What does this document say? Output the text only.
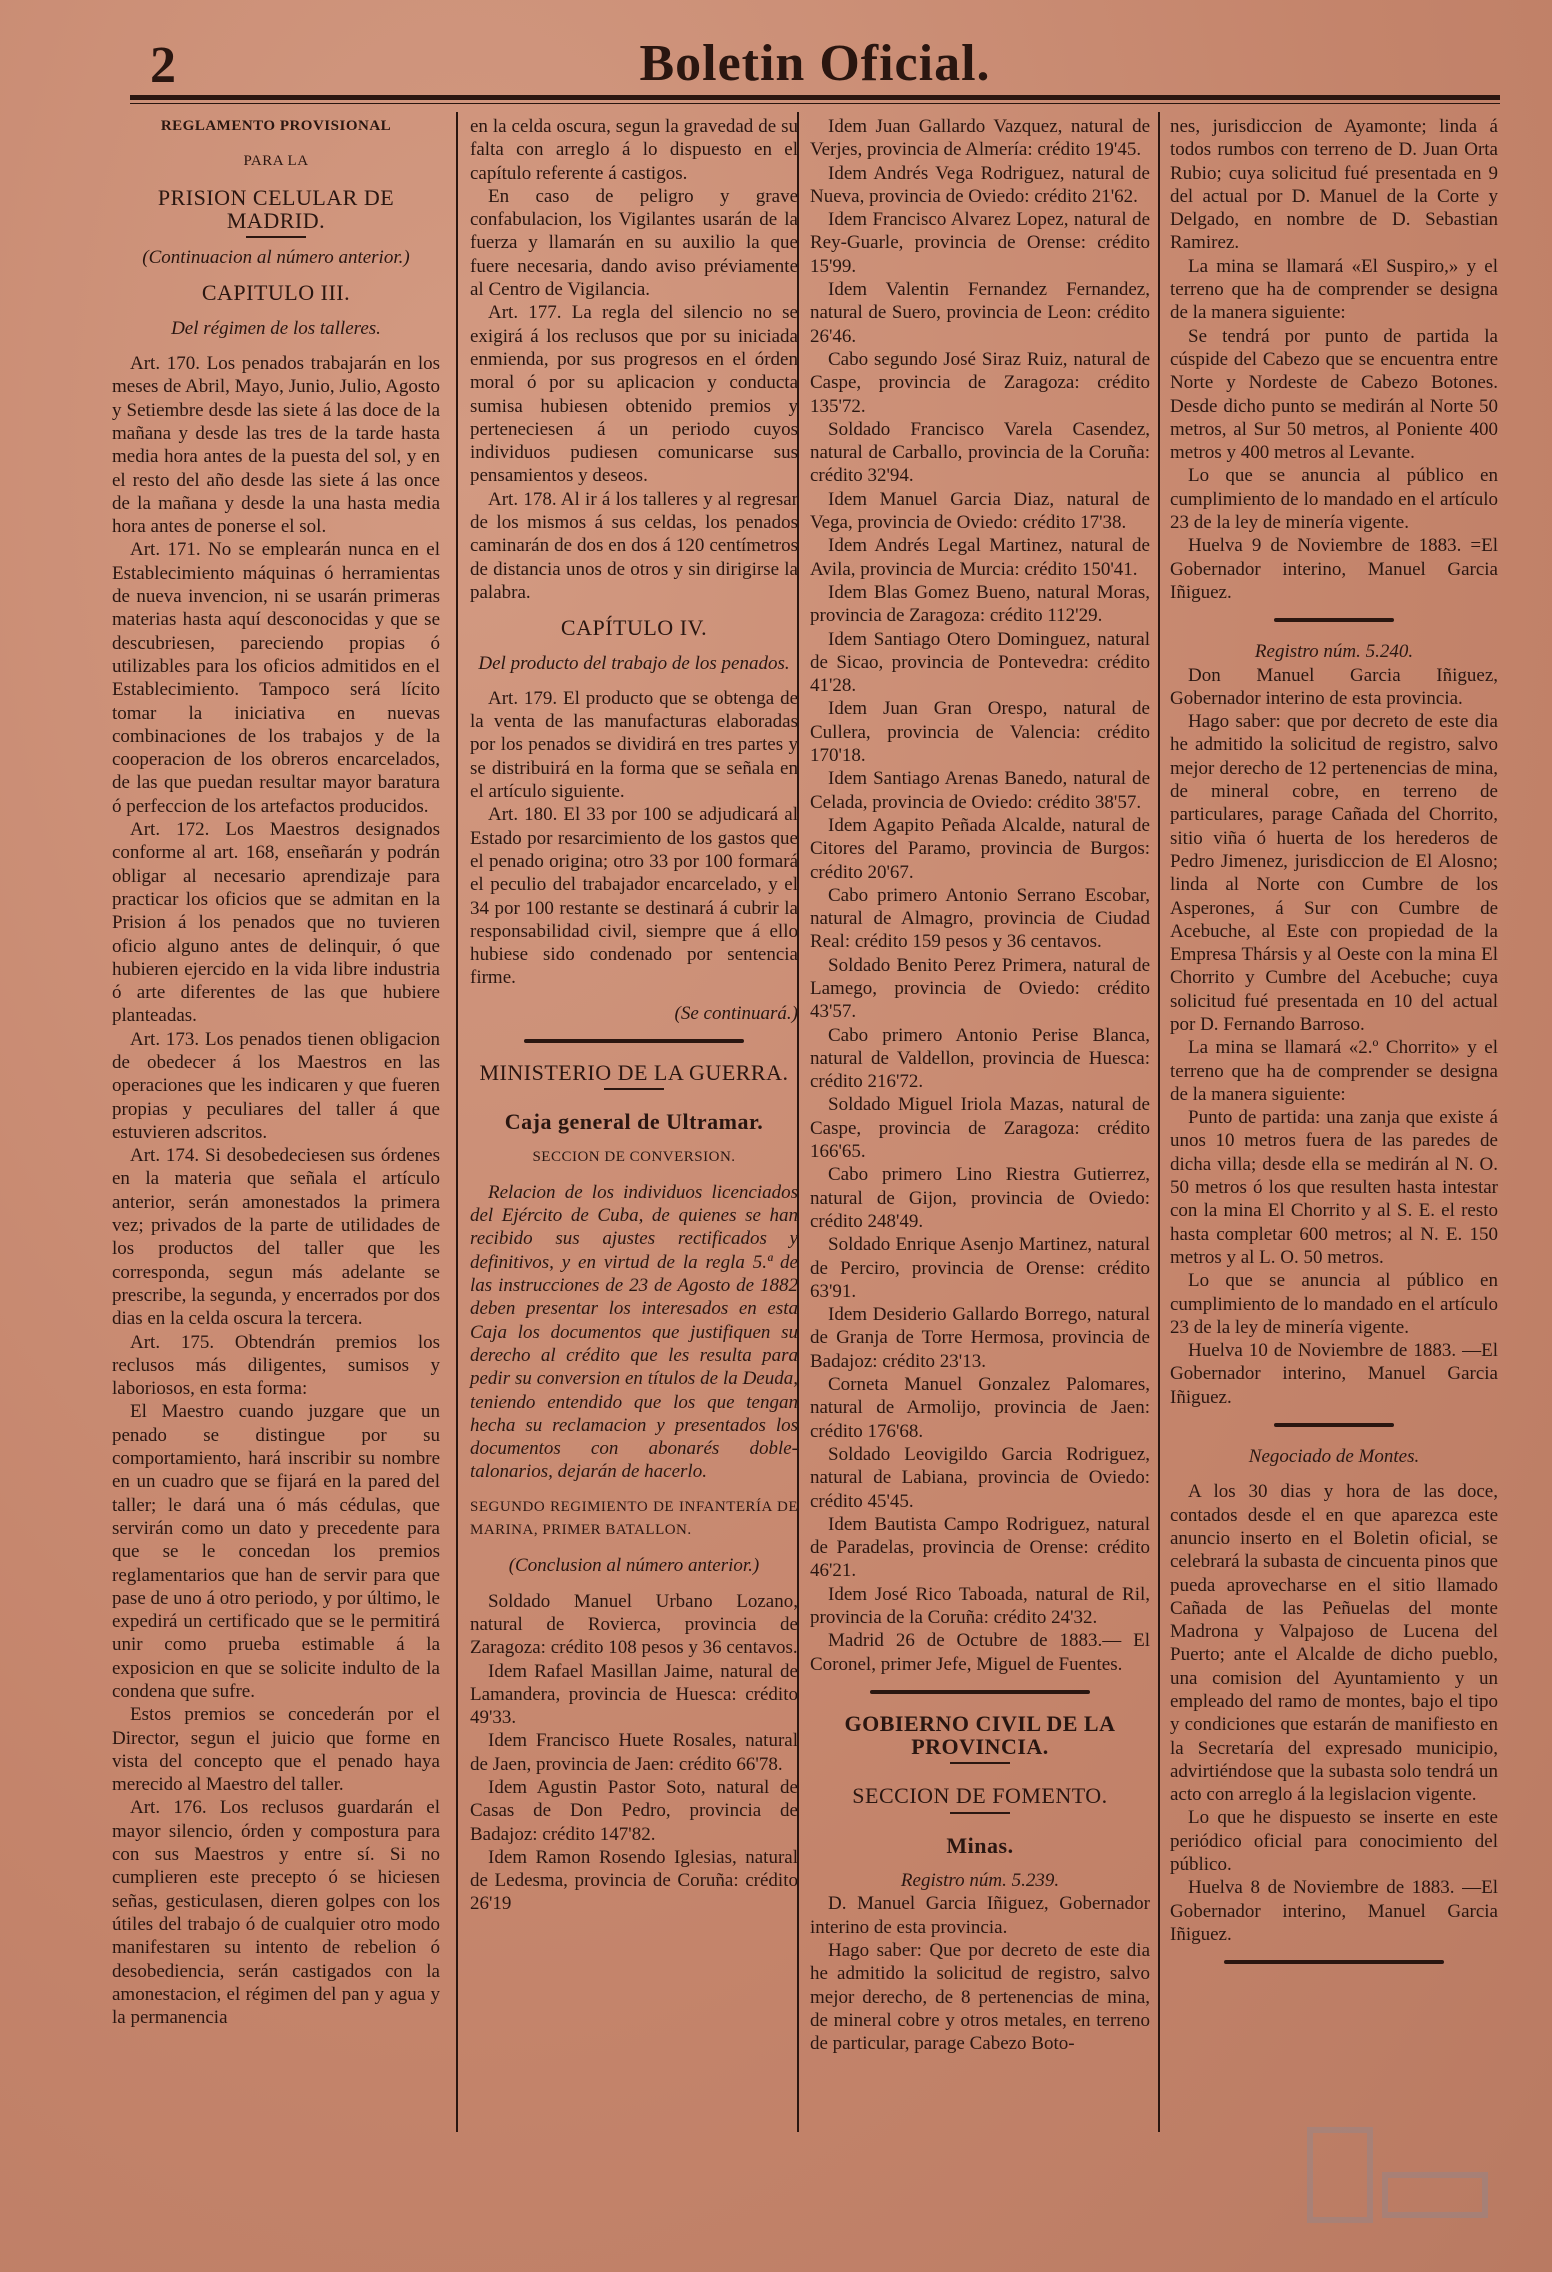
2	Boletin Oficial.

REGLAMENTO PROVISIONAL

PARA LA

PRISION CELULAR DE MADRID.

(Continuacion al número anterior.)

CAPITULO III.

Del régimen de los talleres.

Art. 170. Los penados trabajarán en los meses de Abril, Mayo, Junio, Julio, Agosto y Setiembre desde las siete á las doce de la mañana y desde las tres de la tarde hasta media hora antes de la puesta del sol, y en el resto del año desde las siete á las once de la mañana y desde la una hasta media hora antes de ponerse el sol.

Art. 171. No se emplearán nunca en el Establecimiento máquinas ó herramientas de nueva invencion, ni se usarán primeras materias hasta aquí desconocidas y que se descubriesen, pareciendo propias ó utilizables para los oficios admitidos en el Establecimiento. Tampoco será lícito tomar la iniciativa en nuevas combinaciones de los trabajos y de la cooperacion de los obreros encarcelados, de las que puedan resultar mayor baratura ó perfeccion de los artefactos producidos.

Art. 172. Los Maestros designados conforme al art. 168, enseñarán y podrán obligar al necesario aprendizaje para practicar los oficios que se admitan en la Prision á los penados que no tuvieren oficio alguno antes de delinquir, ó que hubieren ejercido en la vida libre industria ó arte diferentes de las que hubiere planteadas.

Art. 173. Los penados tienen obligacion de obedecer á los Maestros en las operaciones que les indicaren y que fueren propias y peculiares del taller á que estuvieren adscritos.

Art. 174. Si desobedeciesen sus órdenes en la materia que señala el artículo anterior, serán amonestados la primera vez; privados de la parte de utilidades de los productos del taller que les corresponda, segun más adelante se prescribe, la segunda, y encerrados por dos dias en la celda oscura la tercera.

Art. 175. Obtendrán premios los reclusos más diligentes, sumisos y laboriosos, en esta forma:

El Maestro cuando juzgare que un penado se distingue por su comportamiento, hará inscribir su nombre en un cuadro que se fijará en la pared del taller; le dará una ó más cédulas, que servirán como un dato y precedente para que se le concedan los premios reglamentarios que han de servir para que pase de uno á otro periodo, y por último, le expedirá un certificado que se le permitirá unir como prueba estimable á la exposicion en que se solicite indulto de la condena que sufre.

Estos premios se concederán por el Director, segun el juicio que forme en vista del concepto que el penado haya merecido al Maestro del taller.

Art. 176. Los reclusos guardarán el mayor silencio, órden y compostura para con sus Maestros y entre sí. Si no cumplieren este precepto ó se hiciesen señas, gesticulasen, dieren golpes con los útiles del trabajo ó de cualquier otro modo manifestaren su intento de rebelion ó desobediencia, serán castigados con la amonestacion, el régimen del pan y agua y la permanencia

en la celda oscura, segun la gravedad de su falta con arreglo á lo dispuesto en el capítulo referente á castigos.

En caso de peligro y grave confabulacion, los Vigilantes usarán de la fuerza y llamarán en su auxilio la que fuere necesaria, dando aviso préviamente al Centro de Vigilancia.

Art. 177. La regla del silencio no se exigirá á los reclusos que por su iniciada enmienda, por sus progresos en el órden moral ó por su aplicacion y conducta sumisa hubiesen obtenido premios y perteneciesen á un periodo cuyos individuos pudiesen comunicarse sus pensamientos y deseos.

Art. 178. Al ir á los talleres y al regresar de los mismos á sus celdas, los penados caminarán de dos en dos á 120 centímetros de distancia unos de otros y sin dirigirse la palabra.

CAPÍTULO IV.

Del producto del trabajo de los penados.

Art. 179. El producto que se obtenga de la venta de las manufacturas elaboradas por los penados se dividirá en tres partes y se distribuirá en la forma que se señala en el artículo siguiente.

Art. 180. El 33 por 100 se adjudicará al Estado por resarcimiento de los gastos que el penado origina; otro 33 por 100 formará el peculio del trabajador encarcelado, y el 34 por 100 restante se destinará á cubrir la responsabilidad civil, siempre que á ello hubiese sido condenado por sentencia firme.

(Se continuará.)

MINISTERIO DE LA GUERRA.

Caja general de Ultramar.

SECCION DE CONVERSION.

Relacion de los individuos licenciados del Ejército de Cuba, de quienes se han recibido sus ajustes rectificados y definitivos, y en virtud de la regla 5.ª de las instrucciones de 23 de Agosto de 1882 deben presentar los interesados en esta Caja los documentos que justifiquen su derecho al crédito que les resulta para pedir su conversion en títulos de la Deuda, teniendo entendido que los que tengan hecha su reclamacion y presentados los documentos con abonarés doble-talonarios, dejarán de hacerlo.

SEGUNDO REGIMIENTO DE INFANTERÍA DE MARINA, PRIMER BATALLON.

(Conclusion al número anterior.)

Soldado Manuel Urbano Lozano, natural de Rovierca, provincia de Zaragoza: crédito 108 pesos y 36 centavos.

Idem Rafael Masillan Jaime, natural de Lamandera, provincia de Huesca: crédito 49'33.

Idem Francisco Huete Rosales, natural de Jaen, provincia de Jaen: crédito 66'78.

Idem Agustin Pastor Soto, natural de Casas de Don Pedro, provincia de Badajoz: crédito 147'82.

Idem Ramon Rosendo Iglesias, natural de Ledesma, provincia de Coruña: crédito 26'19

Idem Juan Gallardo Vazquez, natural de Verjes, provincia de Almería: crédito 19'45.

Idem Andrés Vega Rodriguez, natural de Nueva, provincia de Oviedo: crédito 21'62.

Idem Francisco Alvarez Lopez, natural de Rey-Guarle, provincia de Orense: crédito 15'99.

Idem Valentin Fernandez Fernandez, natural de Suero, provincia de Leon: crédito 26'46.

Cabo segundo José Siraz Ruiz, natural de Caspe, provincia de Zaragoza: crédito 135'72.

Soldado Francisco Varela Casendez, natural de Carballo, provincia de la Coruña: crédito 32'94.

Idem Manuel Garcia Diaz, natural de Vega, provincia de Oviedo: crédito 17'38.

Idem Andrés Legal Martinez, natural de Avila, provincia de Murcia: crédito 150'41.

Idem Blas Gomez Bueno, natural Moras, provincia de Zaragoza: crédito 112'29.

Idem Santiago Otero Dominguez, natural de Sicao, provincia de Pontevedra: crédito 41'28.

Idem Juan Gran Orespo, natural de Cullera, provincia de Valencia: crédito 170'18.

Idem Santiago Arenas Banedo, natural de Celada, provincia de Oviedo: crédito 38'57.

Idem Agapito Peñada Alcalde, natural de Citores del Paramo, provincia de Burgos: crédito 20'67.

Cabo primero Antonio Serrano Escobar, natural de Almagro, provincia de Ciudad Real: crédito 159 pesos y 36 centavos.

Soldado Benito Perez Primera, natural de Lamego, provincia de Oviedo: crédito 43'57.

Cabo primero Antonio Perise Blanca, natural de Valdellon, provincia de Huesca: crédito 216'72.

Soldado Miguel Iriola Mazas, natural de Caspe, provincia de Zaragoza: crédito 166'65.

Cabo primero Lino Riestra Gutierrez, natural de Gijon, provincia de Oviedo: crédito 248'49.

Soldado Enrique Asenjo Martinez, natural de Perciro, provincia de Orense: crédito 63'91.

Idem Desiderio Gallardo Borrego, natural de Granja de Torre Hermosa, provincia de Badajoz: crédito 23'13.

Corneta Manuel Gonzalez Palomares, natural de Armolijo, provincia de Jaen: crédito 176'68.

Soldado Leovigildo Garcia Rodriguez, natural de Labiana, provincia de Oviedo: crédito 45'45.

Idem Bautista Campo Rodriguez, natural de Paradelas, provincia de Orense: crédito 46'21.

Idem José Rico Taboada, natural de Ril, provincia de la Coruña: crédito 24'32.

Madrid 26 de Octubre de 1883.— El Coronel, primer Jefe, Miguel de Fuentes.

GOBIERNO CIVIL DE LA PROVINCIA.

SECCION DE FOMENTO.

Minas.

Registro núm. 5.239.

D. Manuel Garcia Iñiguez, Gobernador interino de esta provincia.

Hago saber: Que por decreto de este dia he admitido la solicitud de registro, salvo mejor derecho, de 8 pertenencias de mina, de mineral cobre y otros metales, en terreno de particular, parage Cabezo Boto-

nes, jurisdiccion de Ayamonte; linda á todos rumbos con terreno de D. Juan Orta Rubio; cuya solicitud fué presentada en 9 del actual por D. Manuel de la Corte y Delgado, en nombre de D. Sebastian Ramirez.

La mina se llamará «El Suspiro,» y el terreno que ha de comprender se designa de la manera siguiente:

Se tendrá por punto de partida la cúspide del Cabezo que se encuentra entre Norte y Nordeste de Cabezo Botones. Desde dicho punto se medirán al Norte 50 metros, al Sur 50 metros, al Poniente 400 metros y 400 metros al Levante.

Lo que se anuncia al público en cumplimiento de lo mandado en el artículo 23 de la ley de minería vigente.

Huelva 9 de Noviembre de 1883. =El Gobernador interino, Manuel Garcia Iñiguez.

Registro núm. 5.240.

Don Manuel Garcia Iñiguez, Gobernador interino de esta provincia.

Hago saber: que por decreto de este dia he admitido la solicitud de registro, salvo mejor derecho de 12 pertenencias de mina, de mineral cobre, en terreno de particulares, parage Cañada del Chorrito, sitio viña ó huerta de los herederos de Pedro Jimenez, jurisdiccion de El Alosno; linda al Norte con Cumbre de los Asperones, á Sur con Cumbre de Acebuche, al Este con propiedad de la Empresa Thársis y al Oeste con la mina El Chorrito y Cumbre del Acebuche; cuya solicitud fué presentada en 10 del actual por D. Fernando Barroso.

La mina se llamará «2.º Chorrito» y el terreno que ha de comprender se designa de la manera siguiente:

Punto de partida: una zanja que existe á unos 10 metros fuera de las paredes de dicha villa; desde ella se medirán al N. O. 50 metros ó los que resulten hasta intestar con la mina El Chorrito y al S. E. el resto hasta completar 600 metros; al N. E. 150 metros y al L. O. 50 metros.

Lo que se anuncia al público en cumplimiento de lo mandado en el artículo 23 de la ley de minería vigente.

Huelva 10 de Noviembre de 1883. —El Gobernador interino, Manuel Garcia Iñiguez.

Negociado de Montes.

A los 30 dias y hora de las doce, contados desde el en que aparezca este anuncio inserto en el Boletin oficial, se celebrará la subasta de cincuenta pinos que pueda aprovecharse en el sitio llamado Cañada de las Peñuelas del monte Madrona y Valpajoso de Lucena del Puerto; ante el Alcalde de dicho pueblo, una comision del Ayuntamiento y un empleado del ramo de montes, bajo el tipo y condiciones que estarán de manifiesto en la Secretaría del expresado municipio, advirtiéndose que la subasta solo tendrá un acto con arreglo á la legislacion vigente.

Lo que he dispuesto se inserte en este periódico oficial para conocimiento del público.

Huelva 8 de Noviembre de 1883. —El Gobernador interino, Manuel Garcia Iñiguez.
